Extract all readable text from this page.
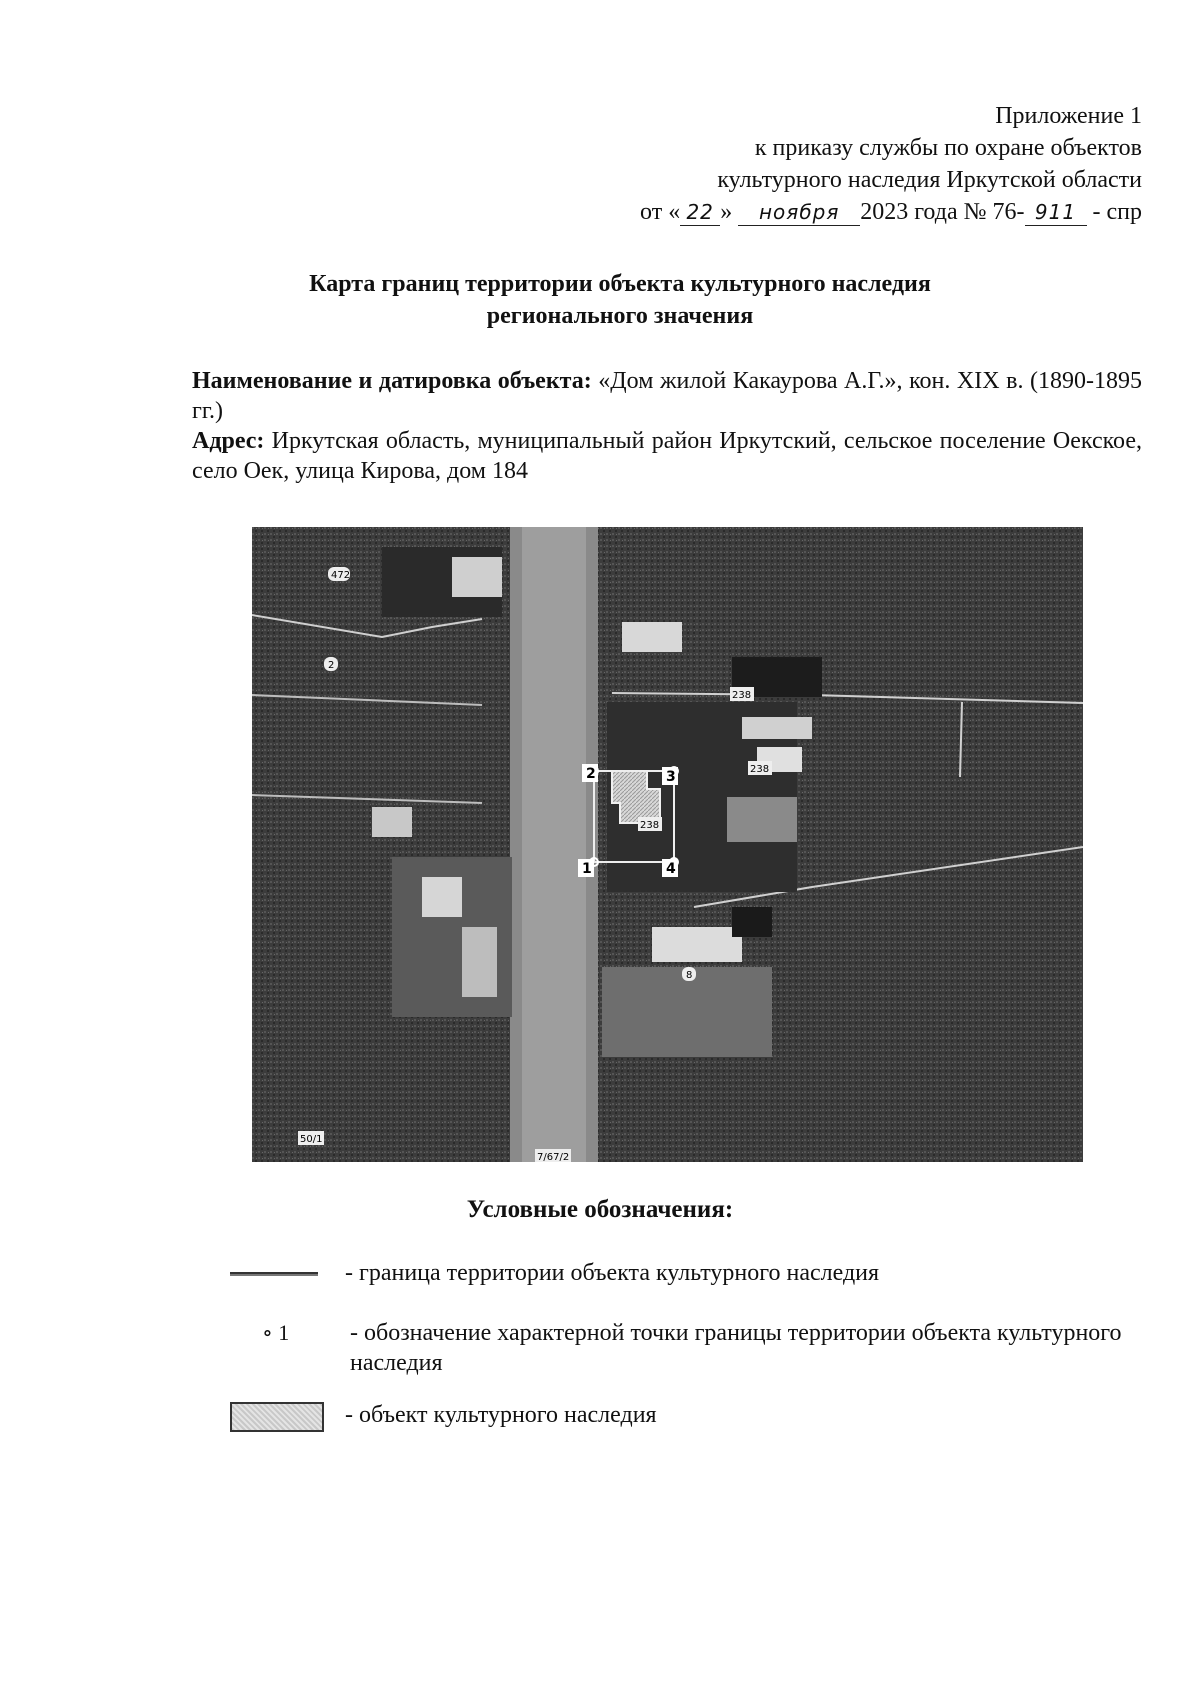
Приложение 1
к приказу службы по охране объектов
культурного наследия Иркутской области
от « 22 » ноября 2023 года № 76- 911 - спр
Карта границ территории объекта культурного наследия
регионального значения

Наименование и датировка объекта: «Дом жилой Какаурова А.Г.», кон. XIX в. (1890-1895 гг.)

Адрес: Иркутская область, муниципальный район Иркутский, сельское поселение Оекское, село Оек, улица Кирова, дом 184

1
2	3
4
472
2
238
238
238
8
50/1
7/67/2
Условные обозначения:
- граница территории объекта культурного наследия
∘ 1	- обозначение характерной точки границы территории объекта культурного наследия
- объект культурного наследия
